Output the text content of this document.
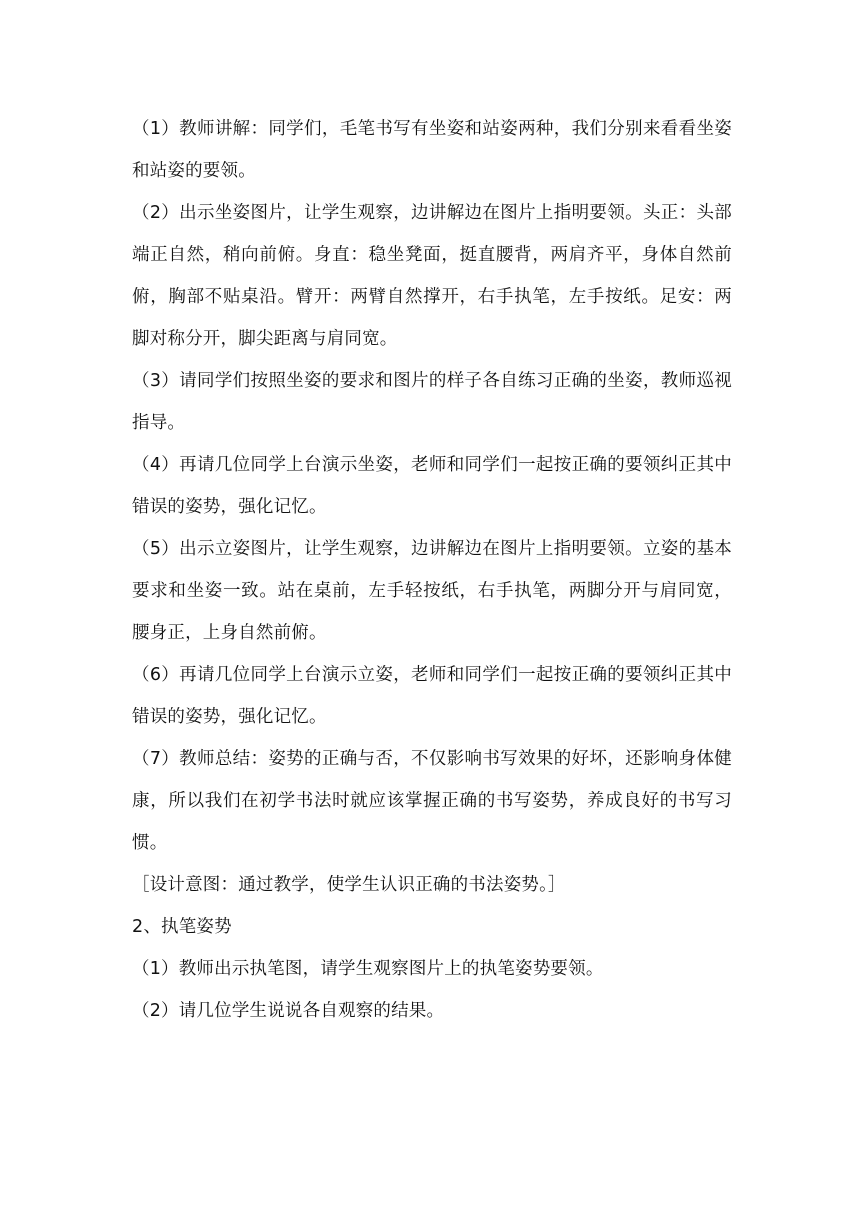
（1）教师讲解：同学们，毛笔书写有坐姿和站姿两种，我们分别来看看坐姿和站姿的要领。

（2）出示坐姿图片，让学生观察，边讲解边在图片上指明要领。头正：头部端正自然，稍向前俯。身直：稳坐凳面，挺直腰背，两肩齐平，身体自然前俯，胸部不贴桌沿。臂开：两臂自然撑开，右手执笔，左手按纸。足安：两脚对称分开，脚尖距离与肩同宽。

（3）请同学们按照坐姿的要求和图片的样子各自练习正确的坐姿，教师巡视指导。

（4）再请几位同学上台演示坐姿，老师和同学们一起按正确的要领纠正其中错误的姿势，强化记忆。

（5）出示立姿图片，让学生观察，边讲解边在图片上指明要领。立姿的基本要求和坐姿一致。站在桌前，左手轻按纸，右手执笔，两脚分开与肩同宽，腰身正，上身自然前俯。

（6）再请几位同学上台演示立姿，老师和同学们一起按正确的要领纠正其中错误的姿势，强化记忆。

（7）教师总结：姿势的正确与否，不仅影响书写效果的好坏，还影响身体健康，所以我们在初学书法时就应该掌握正确的书写姿势，养成良好的书写习惯。

［设计意图：通过教学，使学生认识正确的书法姿势。］

2、执笔姿势

（1）教师出示执笔图，请学生观察图片上的执笔姿势要领。

（2）请几位学生说说各自观察的结果。
